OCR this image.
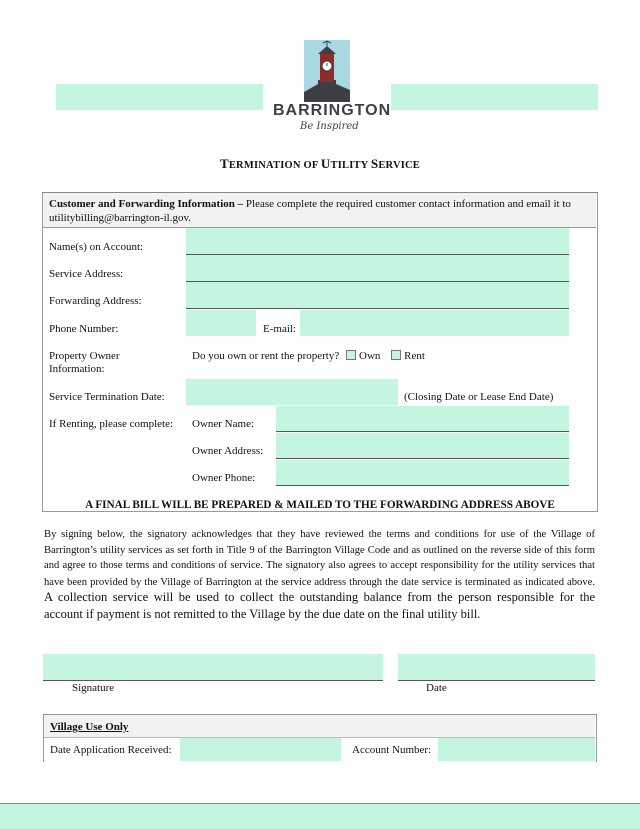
BARRINGTON
Be Inspired
TERMINATION OF UTILITY SERVICE
Customer and Forwarding Information – Please complete the required customer contact information and email it to utilitybilling@barrington-il.gov.
Name(s) on Account:
Service Address:
Forwarding Address:
Phone Number:	E-mail:
Property Owner Information:
Do you own or rent the property? Own Rent
Service Termination Date:	(Closing Date or Lease End Date)
If Renting, please complete: Owner Name:
Owner Address:
Owner Phone:
A FINAL BILL WILL BE PREPARED & MAILED TO THE FORWARDING ADDRESS ABOVE
By signing below, the signatory acknowledges that they have reviewed the terms and conditions for use of the Village of Barrington’s utility services as set forth in Title 9 of the Barrington Village Code and as outlined on the reverse side of this form and agree to those terms and conditions of service. The signatory also agrees to accept responsibility for the utility services that have been provided by the Village of Barrington at the service address through the date service is terminated as indicated above. A collection service will be used to collect the outstanding balance from the person responsible for the account if payment is not remitted to the Village by the due date on the final utility bill.
Signature	Date
Village Use Only
Date Application Received:	Account Number:
